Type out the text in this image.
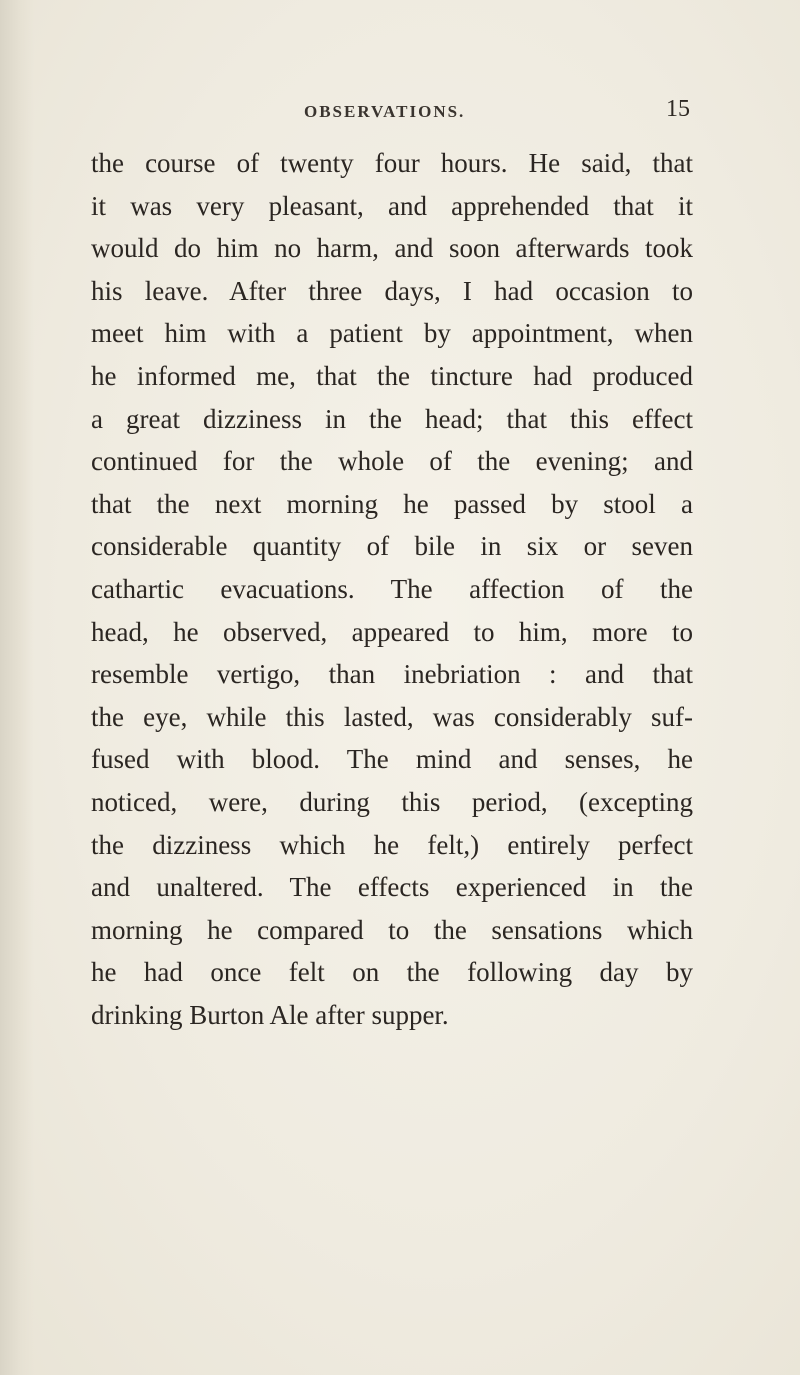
OBSERVATIONS.	15
the course of twenty four hours. He said, that
it was very pleasant, and apprehended that it
would do him no harm, and soon afterwards took
his leave. After three days, I had occasion to
meet him with a patient by appointment, when
he informed me, that the tincture had produced
a great dizziness in the head; that this effect
continued for the whole of the evening; and
that the next morning he passed by stool a
considerable quantity of bile in six or seven
cathartic evacuations. The affection of the
head, he observed, appeared to him, more to
resemble vertigo, than inebriation : and that
the eye, while this lasted, was considerably suf-
fused with blood. The mind and senses, he
noticed, were, during this period, (excepting
the dizziness which he felt,) entirely perfect
and unaltered. The effects experienced in the
morning he compared to the sensations which
he had once felt on the following day by
drinking Burton Ale after supper.
